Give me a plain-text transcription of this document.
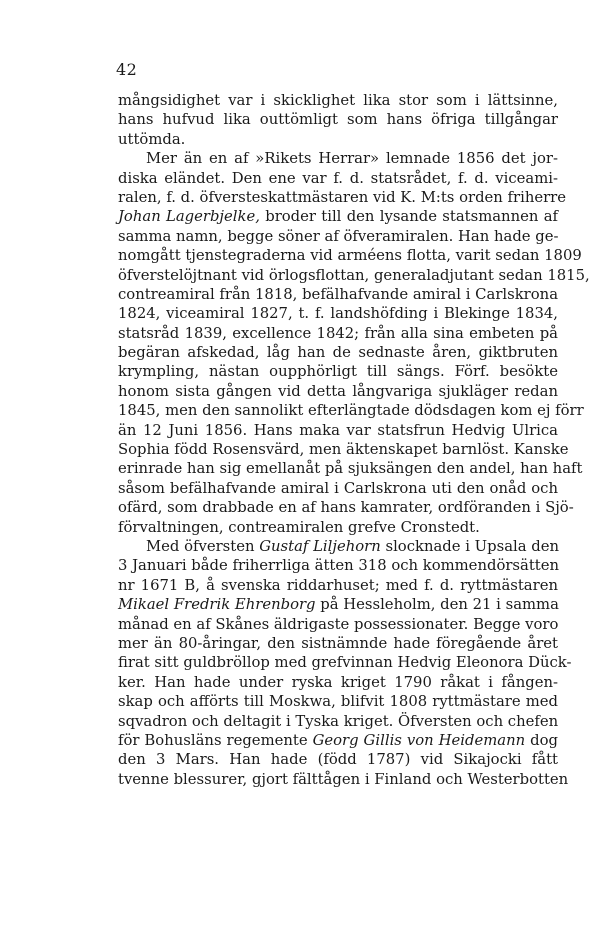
42
mångsidighet var i skicklighet lika stor som i lättsinne,
hans hufvud lika outtömligt som hans öfriga tillgångar
uttömda.
Mer än en af »Rikets Herrar» lemnade 1856 det jor-
diska eländet. Den ene var f. d. statsrådet, f. d. viceami-
ralen, f. d. öfversteskattmästaren vid K. M:ts orden friherre
Johan Lagerbjelke, broder till den lysande statsmannen af
samma namn, begge söner af öfveramiralen. Han hade ge-
nomgått tjenstegraderna vid arméens flotta, varit sedan 1809
öfverstelöjtnant vid örlogsflottan, generaladjutant sedan 1815,
contreamiral från 1818, befälhafvande amiral i Carlskrona
1824, viceamiral 1827, t. f. landshöfding i Blekinge 1834,
statsråd 1839, excellence 1842; från alla sina embeten på
begäran afskedad, låg han de sednaste åren, giktbruten
krympling, nästan oupphörligt till sängs. Förf. besökte
honom sista gången vid detta långvariga sjukläger redan
1845, men den sannolikt efterlängtade dödsdagen kom ej förr
än 12 Juni 1856. Hans maka var statsfrun Hedvig Ulrica
Sophia född Rosensvärd, men äktenskapet barnlöst. Kanske
erinrade han sig emellanåt på sjuksängen den andel, han haft
såsom befälhafvande amiral i Carlskrona uti den onåd och
ofärd, som drabbade en af hans kamrater, ordföranden i Sjö-
förvaltningen, contreamiralen grefve Cronstedt.
Med öfversten Gustaf Liljehorn slocknade i Upsala den
3 Januari både friherrliga ätten 318 och kommendörsätten
nr 1671 B, å svenska riddarhuset; med f. d. ryttmästaren
Mikael Fredrik Ehrenborg på Hessleholm, den 21 i samma
månad en af Skånes äldrigaste possessionater. Begge voro
mer än 80-åringar, den sistnämnde hade föregående året
firat sitt guldbröllop med grefvinnan Hedvig Eleonora Dück-
ker. Han hade under ryska kriget 1790 råkat i fången-
skap och afförts till Moskwa, blifvit 1808 ryttmästare med
sqvadron och deltagit i Tyska kriget. Öfversten och chefen
för Bohusläns regemente Georg Gillis von Heidemann dog
den 3 Mars. Han hade (född 1787) vid Sikajocki fått
tvenne blessurer, gjort fälttågen i Finland och Westerbotten
